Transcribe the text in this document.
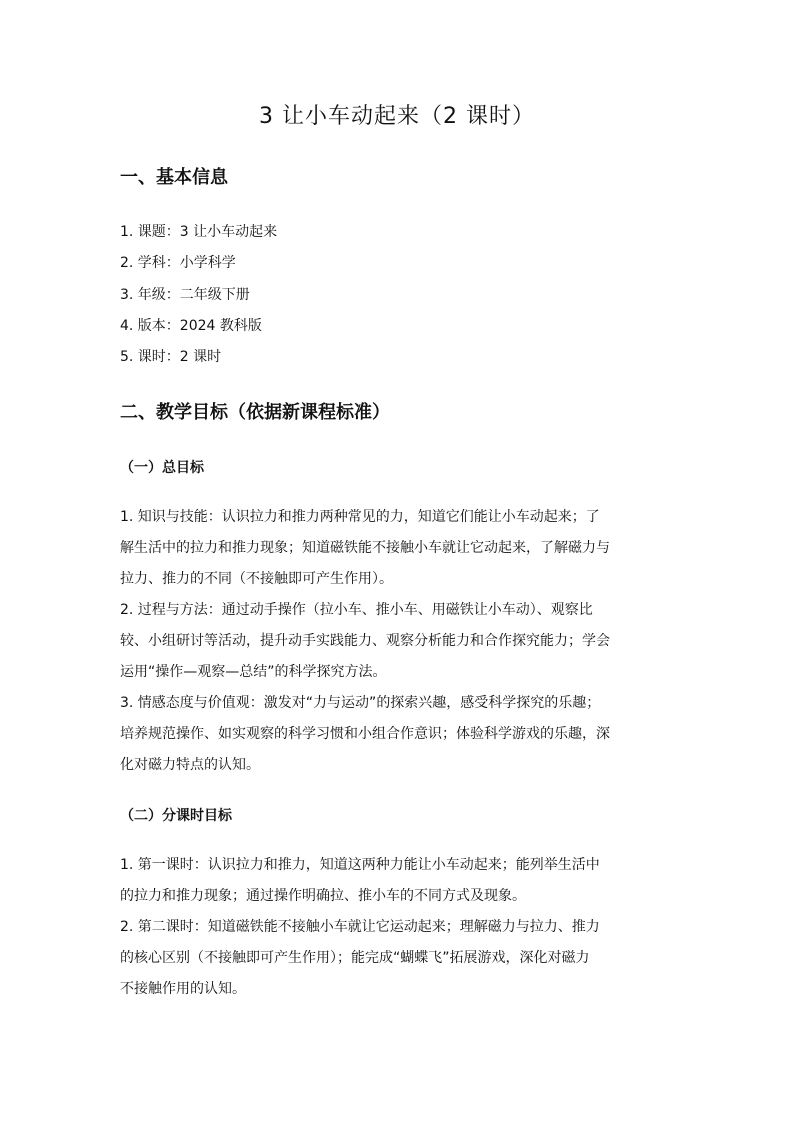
3 让小车动起来（2 课时）
一、基本信息
1. 课题：3 让小车动起来
2. 学科：小学科学
3. 年级：二年级下册
4. 版本：2024 教科版
5. 课时：2 课时
二、教学目标（依据新课程标准）
（一）总目标
1. 知识与技能：认识拉力和推力两种常见的力，知道它们能让小车动起来；了
解生活中的拉力和推力现象；知道磁铁能不接触小车就让它动起来，了解磁力与
拉力、推力的不同（不接触即可产生作用）。
2. 过程与方法：通过动手操作（拉小车、推小车、用磁铁让小车动）、观察比
较、小组研讨等活动，提升动手实践能力、观察分析能力和合作探究能力；学会
运用“操作—观察—总结”的科学探究方法。
3. 情感态度与价值观：激发对“力与运动”的探索兴趣，感受科学探究的乐趣；
培养规范操作、如实观察的科学习惯和小组合作意识；体验科学游戏的乐趣，深
化对磁力特点的认知。
（二）分课时目标
1. 第一课时：认识拉力和推力，知道这两种力能让小车动起来；能列举生活中
的拉力和推力现象；通过操作明确拉、推小车的不同方式及现象。
2. 第二课时：知道磁铁能不接触小车就让它运动起来；理解磁力与拉力、推力
的核心区别（不接触即可产生作用）；能完成“蝴蝶飞”拓展游戏，深化对磁力
不接触作用的认知。
